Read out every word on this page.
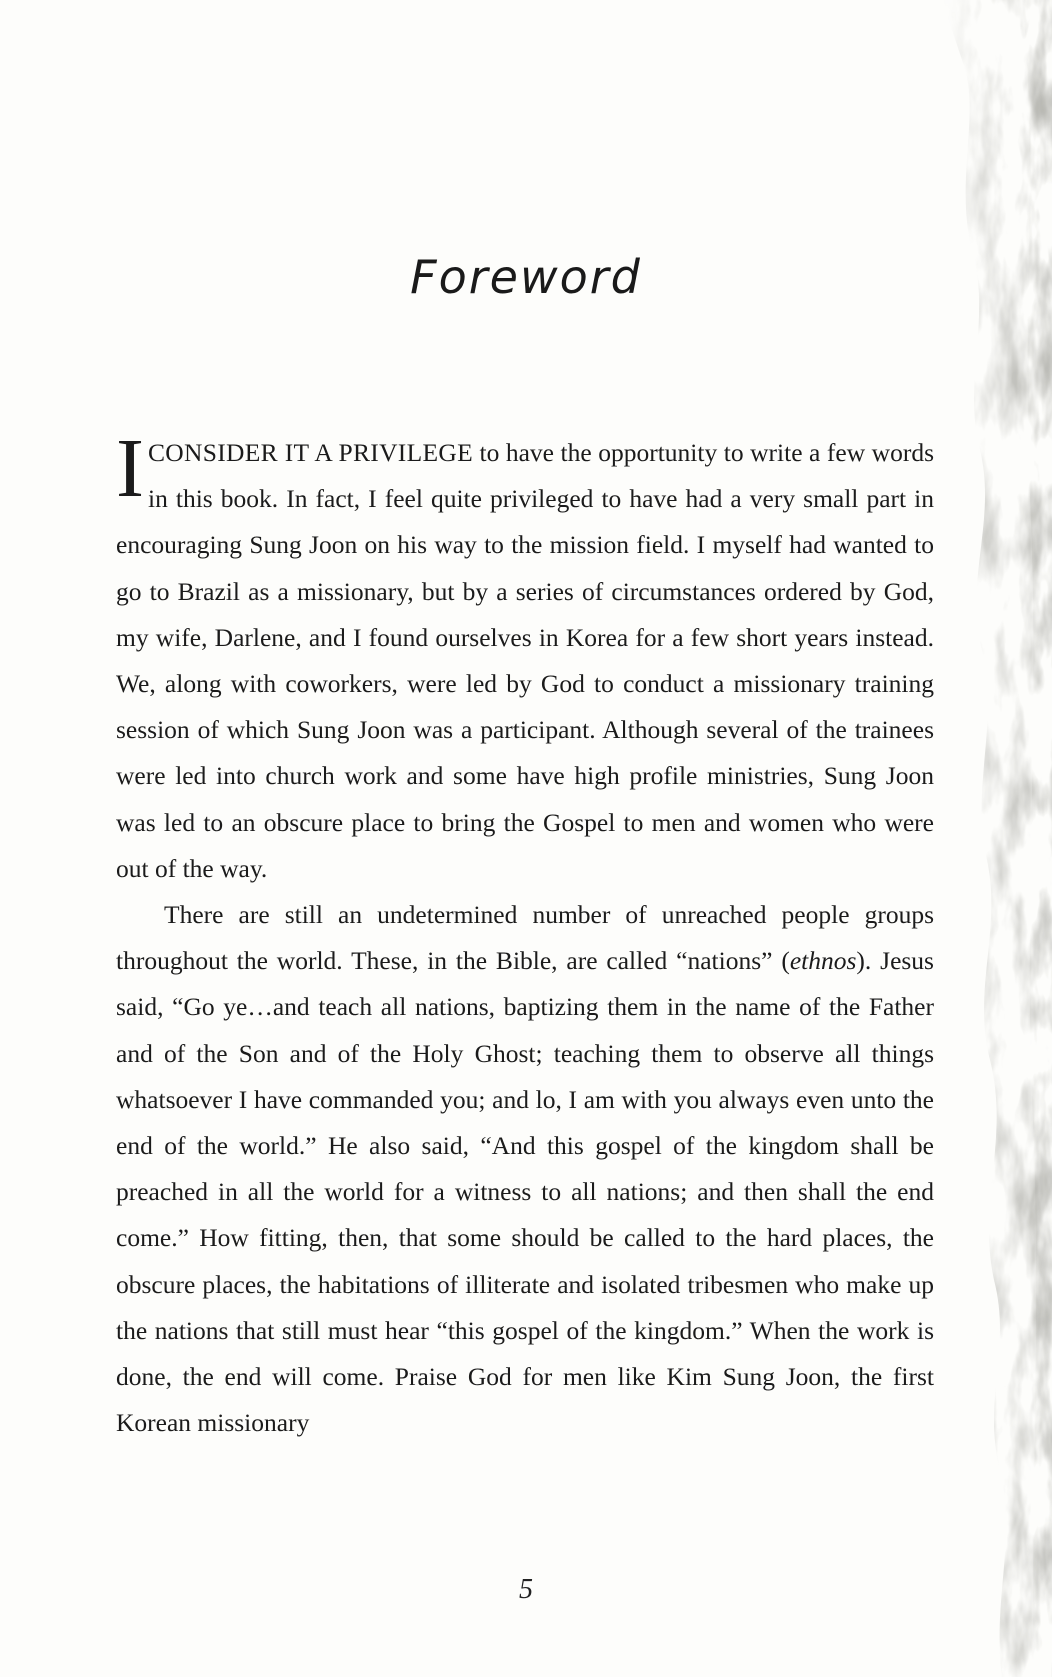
Foreword

ICONSIDER IT A PRIVILEGE to have the opportunity to write a few words in this book. In fact, I feel quite privileged to have had a very small part in encouraging Sung Joon on his way to the mission field. I myself had wanted to go to Brazil as a missionary, but by a series of circumstances ordered by God, my wife, Darlene, and I found ourselves in Korea for a few short years instead. We, along with coworkers, were led by God to conduct a missionary training session of which Sung Joon was a participant. Although several of the trainees were led into church work and some have high profile ministries, Sung Joon was led to an obscure place to bring the Gospel to men and women who were out of the way.

There are still an undetermined number of unreached people groups throughout the world. These, in the Bible, are called “nations” (ethnos). Jesus said, “Go ye…and teach all nations, baptizing them in the name of the Father and of the Son and of the Holy Ghost; teaching them to observe all things whatsoever I have commanded you; and lo, I am with you always even unto the end of the world.” He also said, “And this gospel of the kingdom shall be preached in all the world for a witness to all nations; and then shall the end come.” How fitting, then, that some should be called to the hard places, the obscure places, the habitations of illiterate and isolated tribesmen who make up the nations that still must hear “this gospel of the kingdom.” When the work is done, the end will come. Praise God for men like Kim Sung Joon, the first Korean missionary

5
